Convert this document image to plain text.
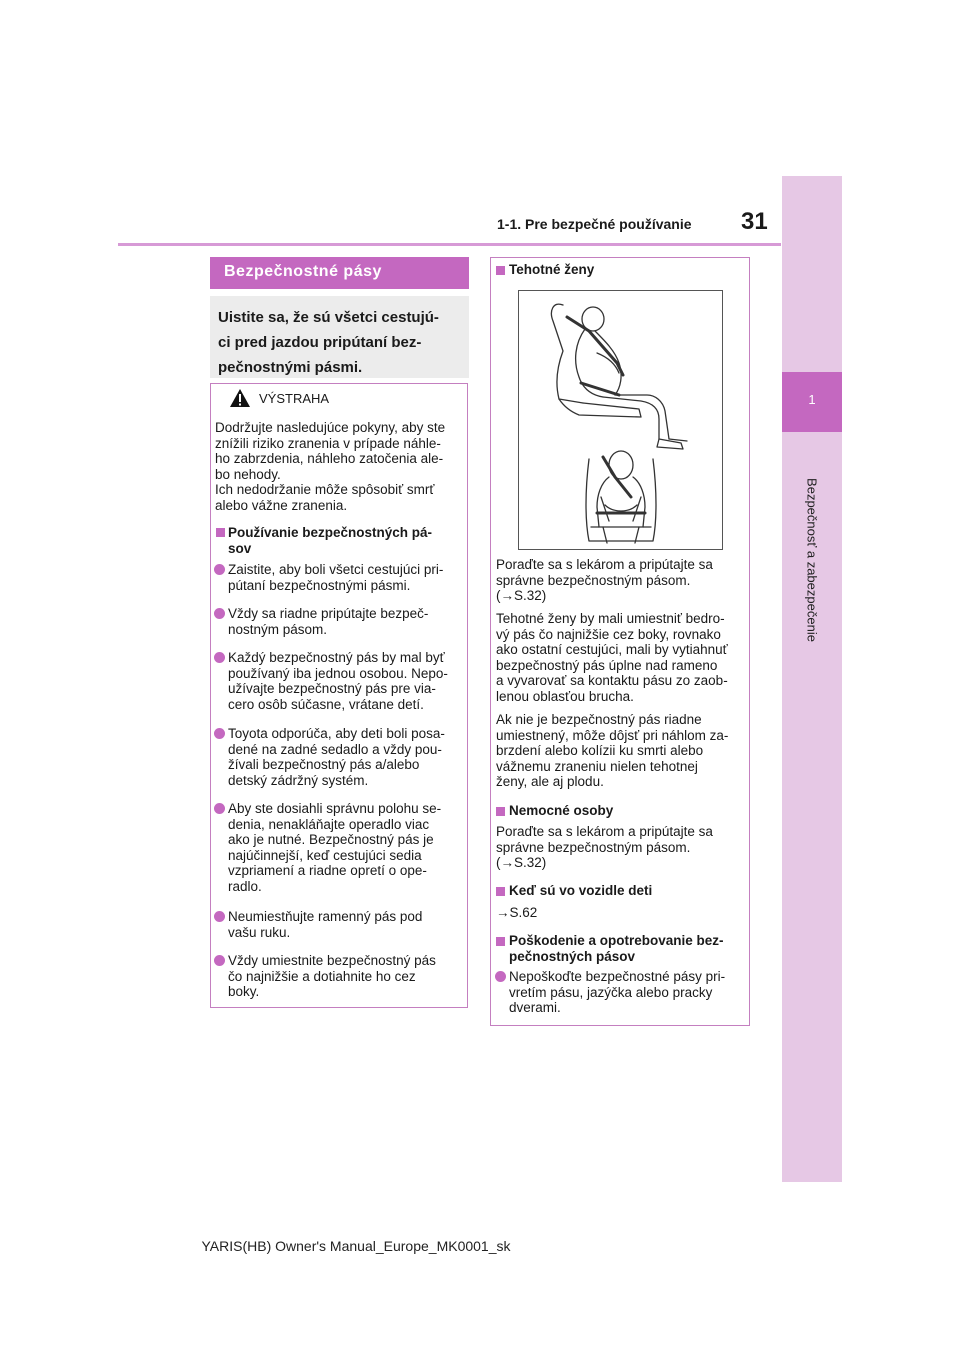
31
1-1. Pre bezpečné používanie
1
Bezpečnosť a zabezpečenie
Bezpečnostné pásy
Uistite sa, že sú všetci cestujú-
ci pred jazdou pripútaní bez-
pečnostnými pásmi.
VÝSTRAHA
Dodržujte nasledujúce pokyny, aby ste
znížili riziko zranenia v prípade náhle-
ho zabrzdenia, náhleho zatočenia ale-
bo nehody.
Ich nedodržanie môže spôsobiť smrť
alebo vážne zranenia.
Používanie bezpečnostných pá-
sov
Zaistite, aby boli všetci cestujúci pri-
pútaní bezpečnostnými pásmi.
Vždy sa riadne pripútajte bezpeč-
nostným pásom.
Každý bezpečnostný pás by mal byť
používaný iba jednou osobou. Nepo-
užívajte bezpečnostný pás pre via-
cero osôb súčasne, vrátane detí.
Toyota odporúča, aby deti boli posa-
dené na zadné sedadlo a vždy pou-
žívali bezpečnostný pás a/alebo
detský zádržný systém.
Aby ste dosiahli správnu polohu se-
denia, nenakláňajte operadlo viac
ako je nutné. Bezpečnostný pás je
najúčinnejší, keď cestujúci sedia
vzpriamení a riadne opretí o ope-
radlo.
Neumiestňujte ramenný pás pod
vašu ruku.
Vždy umiestnite bezpečnostný pás
čo najnižšie a dotiahnite ho cez
boky.
Tehotné ženy
Poraďte sa s lekárom a pripútajte sa
správne bezpečnostným pásom.
(→S.32)
Tehotné ženy by mali umiestniť bedro-
vý pás čo najnižšie cez boky, rovnako
ako ostatní cestujúci, mali by vytiahnuť
bezpečnostný pás úplne nad rameno
a vyvarovať sa kontaktu pásu zo zaob-
lenou oblasťou brucha.
Ak nie je bezpečnostný pás riadne
umiestnený, môže dôjsť pri náhlom za-
brzdení alebo kolízii ku smrti alebo
vážnemu zraneniu nielen tehotnej
ženy, ale aj plodu.
Nemocné osoby
Poraďte sa s lekárom a pripútajte sa
správne bezpečnostným pásom.
(→S.32)
Keď sú vo vozidle deti
→S.62
Poškodenie a opotrebovanie bez-
pečnostných pásov
Nepoškoďte bezpečnostné pásy pri-
vretím pásu, jazýčka alebo pracky
dverami.
YARIS(HB) Owner's Manual_Europe_MK0001_sk
